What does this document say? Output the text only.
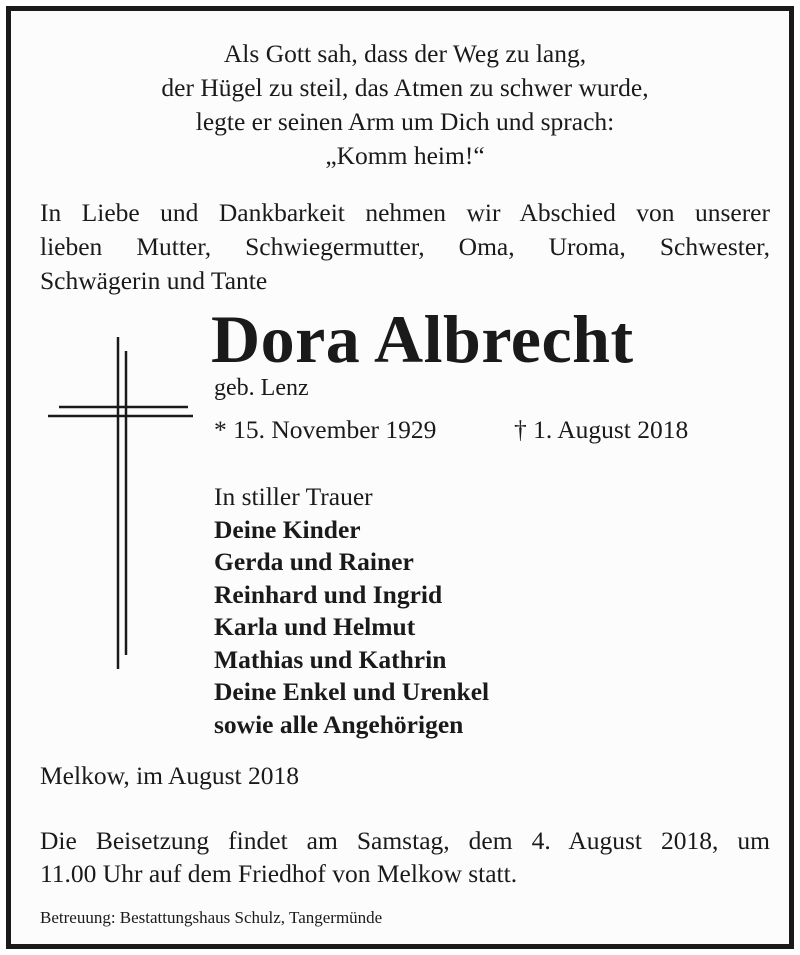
Als Gott sah, dass der Weg zu lang,
der Hügel zu steil, das Atmen zu schwer wurde,
legte er seinen Arm um Dich und sprach:
„Komm heim!“
In Liebe und Dankbarkeit nehmen wir Abschied von unserer
lieben Mutter, Schwiegermutter, Oma, Uroma, Schwester,
Schwägerin und Tante
Dora Albrecht
geb. Lenz
* 15. November 1929	† 1. August 2018
In stiller Trauer
Deine Kinder
Gerda und Rainer
Reinhard und Ingrid
Karla und Helmut
Mathias und Kathrin
Deine Enkel und Urenkel
sowie alle Angehörigen
Melkow, im August 2018
Die Beisetzung findet am Samstag, dem 4. August 2018, um
11.00 Uhr auf dem Friedhof von Melkow statt.
Betreuung: Bestattungshaus Schulz, Tangermünde
